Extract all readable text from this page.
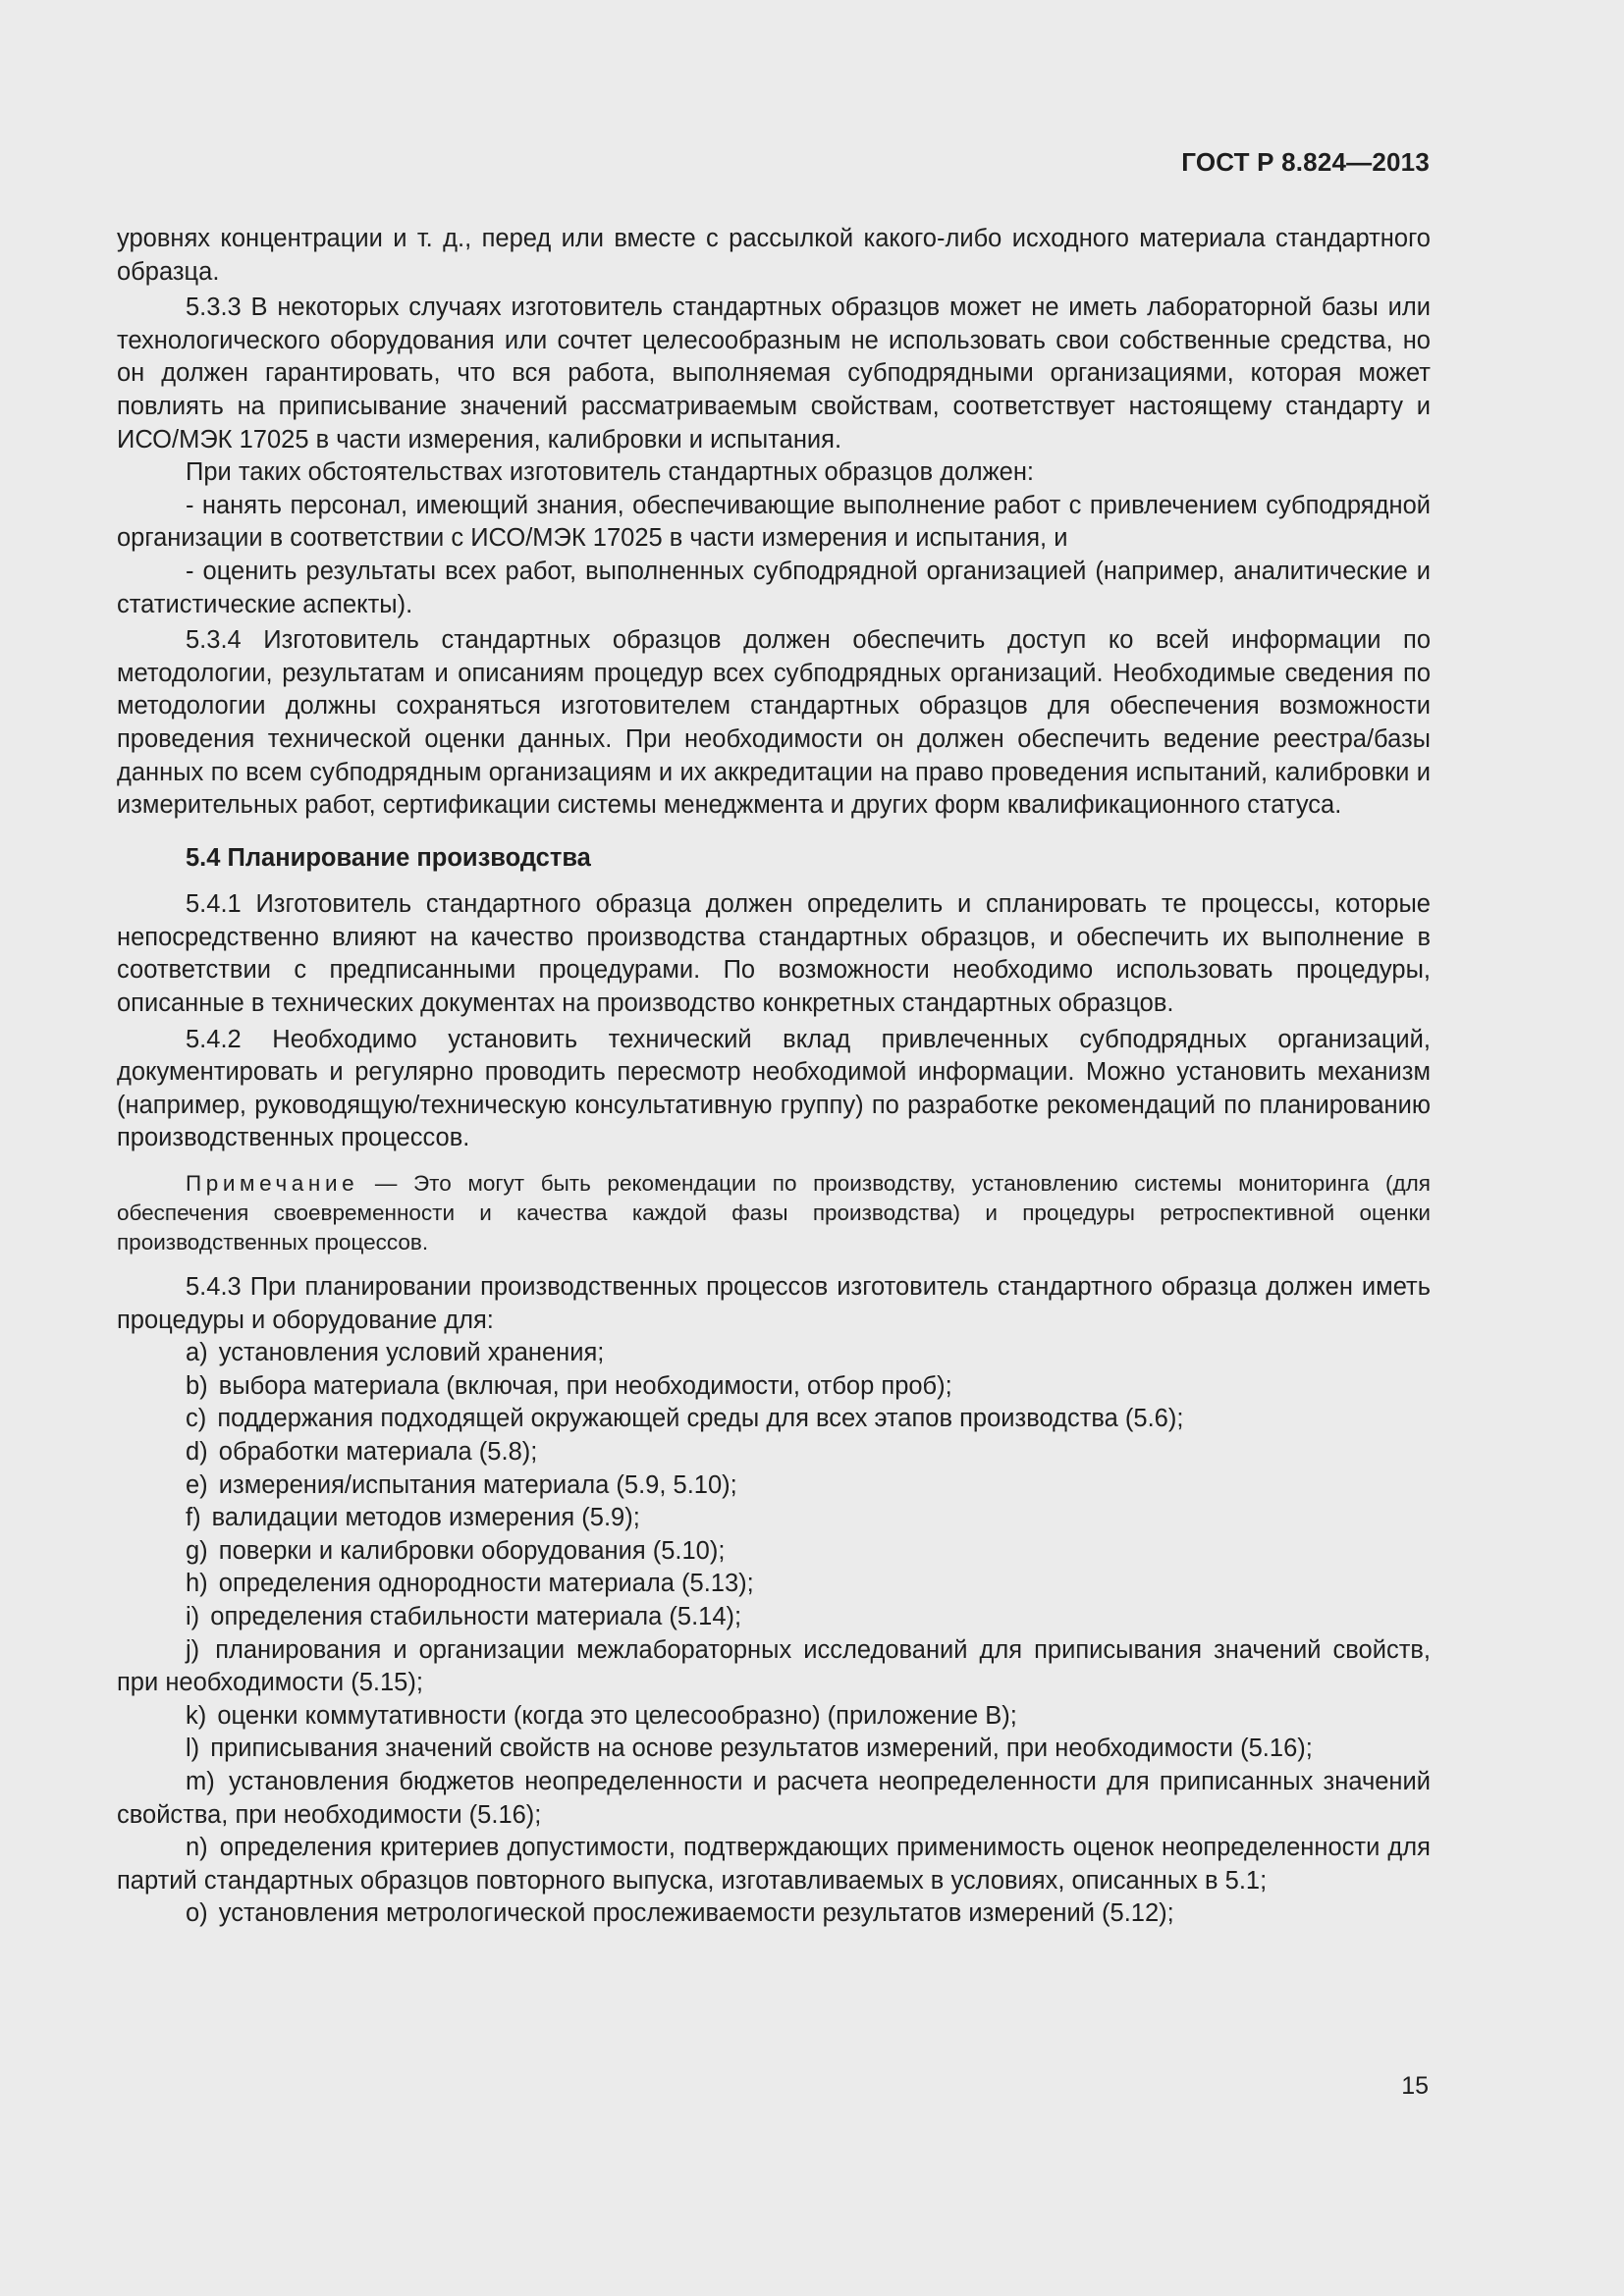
ГОСТ Р 8.824—2013

уровнях концентрации и т. д., перед или вместе с рассылкой какого-либо исходного материала стандартного образца.

5.3.3 В некоторых случаях изготовитель стандартных образцов может не иметь лабораторной базы или технологического оборудования или сочтет целесообразным не использовать свои собственные средства, но он должен гарантировать, что вся работа, выполняемая субподрядными организациями, которая может повлиять на приписывание значений рассматриваемым свойствам, соответствует настоящему стандарту и ИСО/МЭК 17025 в части измерения, калибровки и испытания.

При таких обстоятельствах изготовитель стандартных образцов должен:

- нанять персонал, имеющий знания, обеспечивающие выполнение работ с привлечением субподрядной организации в соответствии с ИСО/МЭК 17025 в части измерения и испытания, и

- оценить результаты всех работ, выполненных субподрядной организацией (например, аналитические и статистические аспекты).

5.3.4 Изготовитель стандартных образцов должен обеспечить доступ ко всей информации по методологии, результатам и описаниям процедур всех субподрядных организаций. Необходимые сведения по методологии должны сохраняться изготовителем стандартных образцов для обеспечения возможности проведения технической оценки данных. При необходимости он должен обеспечить ведение реестра/базы данных по всем субподрядным организациям и их аккредитации на право проведения испытаний, калибровки и измерительных работ, сертификации системы менеджмента и других форм квалификационного статуса.

5.4 Планирование производства

5.4.1 Изготовитель стандартного образца должен определить и спланировать те процессы, которые непосредственно влияют на качество производства стандартных образцов, и обеспечить их выполнение в соответствии с предписанными процедурами. По возможности необходимо использовать процедуры, описанные в технических документах на производство конкретных стандартных образцов.

5.4.2 Необходимо установить технический вклад привлеченных субподрядных организаций, документировать и регулярно проводить пересмотр необходимой информации. Можно установить механизм (например, руководящую/техническую консультативную группу) по разработке рекомендаций по планированию производственных процессов.

Примечание — Это могут быть рекомендации по производству, установлению системы мониторинга (для обеспечения своевременности и качества каждой фазы производства) и процедуры ретроспективной оценки производственных процессов.

5.4.3 При планировании производственных процессов изготовитель стандартного образца должен иметь процедуры и оборудование для:

a) установления условий хранения;

b) выбора материала (включая, при необходимости, отбор проб);

c) поддержания подходящей окружающей среды для всех этапов производства (5.6);

d) обработки материала (5.8);

e) измерения/испытания материала (5.9, 5.10);

f) валидации методов измерения (5.9);

g) поверки и калибровки оборудования (5.10);

h) определения однородности материала (5.13);

i) определения стабильности материала (5.14);

j) планирования и организации межлабораторных исследований для приписывания значений свойств, при необходимости (5.15);

k) оценки коммутативности (когда это целесообразно) (приложение В);

l) приписывания значений свойств на основе результатов измерений, при необходимости (5.16);

m) установления бюджетов неопределенности и расчета неопределенности для приписанных значений свойства, при необходимости (5.16);

n) определения критериев допустимости, подтверждающих применимость оценок неопределенности для партий стандартных образцов повторного выпуска, изготавливаемых в условиях, описанных в 5.1;

o) установления метрологической прослеживаемости результатов измерений (5.12);

15
